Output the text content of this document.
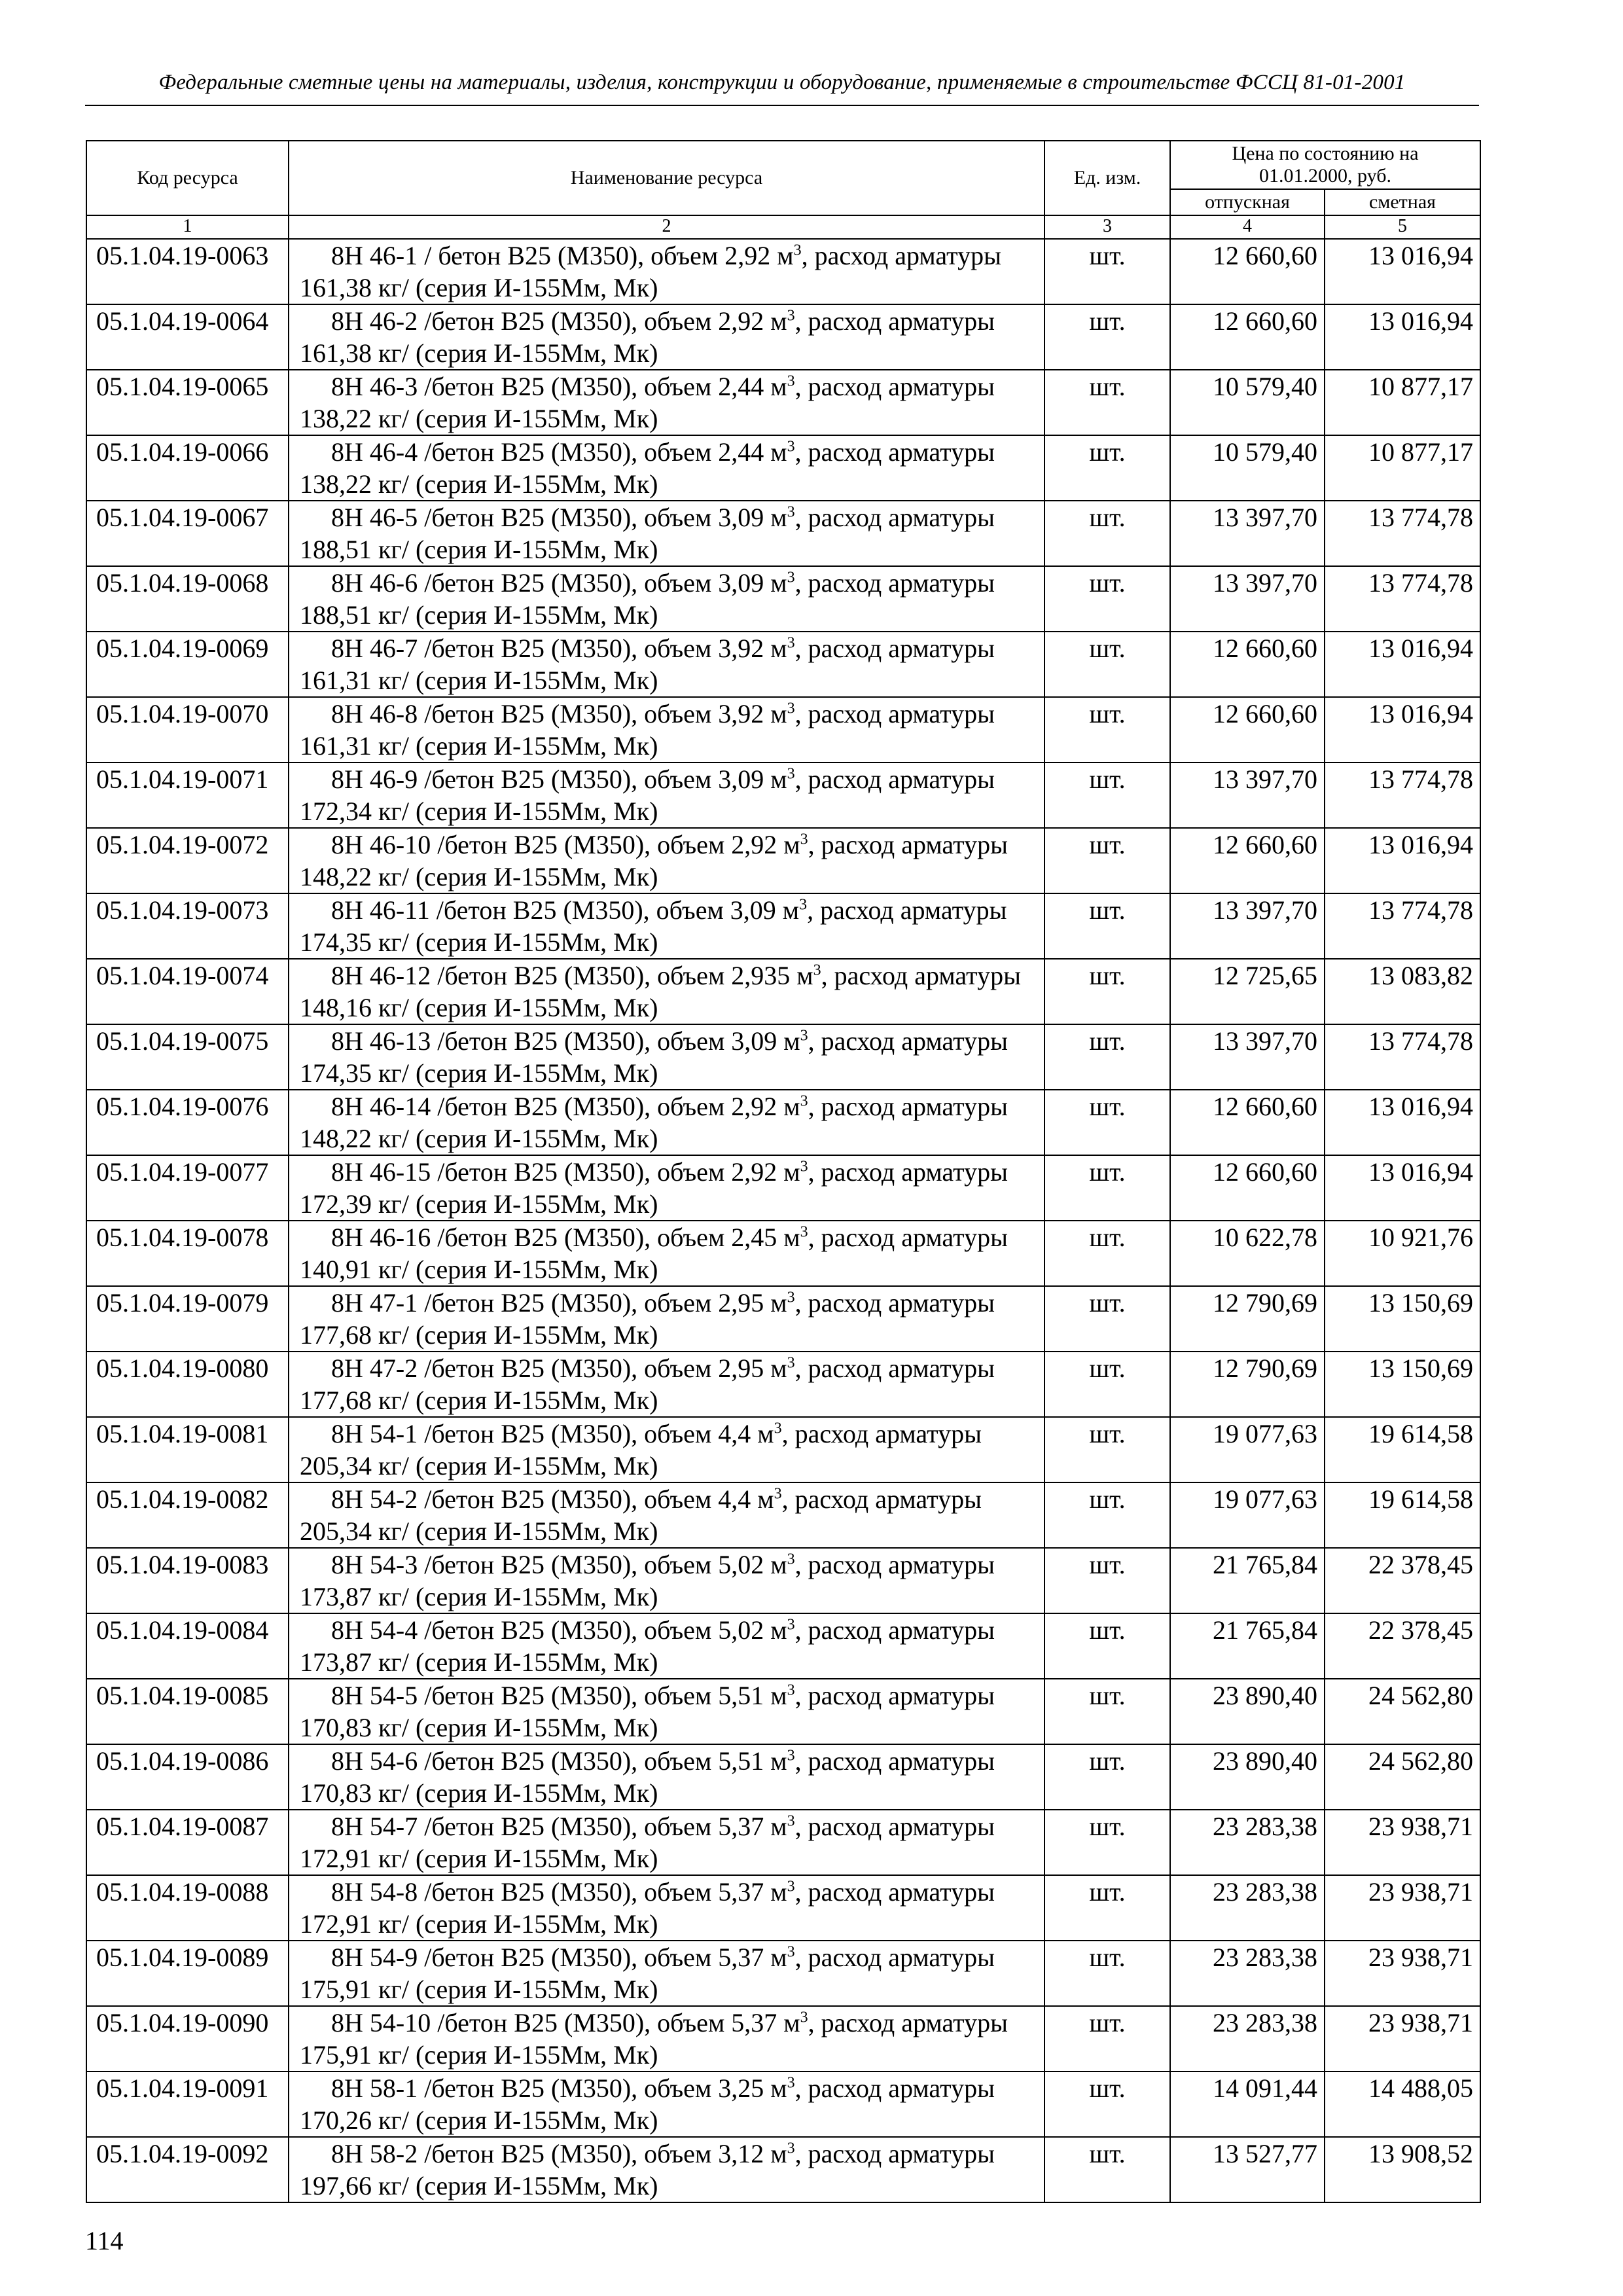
Федеральные сметные цены на материалы, изделия, конструкции и оборудование, применяемые в строительстве ФССЦ 81-01-2001
Код ресурса	Наименование ресурса	Ед. изм.	Цена по состоянию на 01.01.2000, руб.	
			отпускная	сметная
1	2	3	4	5
05.1.04.19-0063	8Н 46-1 / бетон В25 (М350), объем 2,92 $м^3$, расход арматуры 161,38 кг/ (серия И-155Мм, Мк)	шт.	12 660,60	13 016,94
05.1.04.19-0064	8Н 46-2 /бетон В25 (М350), объем 2,92 $м^3$, расход арматуры 161,38 кг/ (серия И-155Мм, Мк)	шт.	12 660,60	13 016,94
05.1.04.19-0065	8Н 46-3 /бетон В25 (М350), объем 2,44 $м^3$, расход арматуры 138,22 кг/ (серия И-155Мм, Мк)	шт.	10 579,40	10 877,17
05.1.04.19-0066	8Н 46-4 /бетон В25 (М350), объем 2,44 $м^3$, расход арматуры 138,22 кг/ (серия И-155Мм, Мк)	шт.	10 579,40	10 877,17
05.1.04.19-0067	8Н 46-5 /бетон В25 (М350), объем 3,09 $м^3$, расход арматуры 188,51 кг/ (серия И-155Мм, Мк)	шт.	13 397,70	13 774,78
05.1.04.19-0068	8Н 46-6 /бетон В25 (М350), объем 3,09 $м^3$, расход арматуры 188,51 кг/ (серия И-155Мм, Мк)	шт.	13 397,70	13 774,78
05.1.04.19-0069	8Н 46-7 /бетон В25 (М350), объем 3,92 $м^3$, расход арматуры 161,31 кг/ (серия И-155Мм, Мк)	шт.	12 660,60	13 016,94
05.1.04.19-0070	8Н 46-8 /бетон В25 (М350), объем 3,92 $м^3$, расход арматуры 161,31 кг/ (серия И-155Мм, Мк)	шт.	12 660,60	13 016,94
05.1.04.19-0071	8Н 46-9 /бетон В25 (М350), объем 3,09 $м^3$, расход арматуры 172,34 кг/ (серия И-155Мм, Мк)	шт.	13 397,70	13 774,78
05.1.04.19-0072	8Н 46-10 /бетон В25 (М350), объем 2,92 $м^3$, расход арматуры 148,22 кг/ (серия И-155Мм, Мк)	шт.	12 660,60	13 016,94
05.1.04.19-0073	8Н 46-11 /бетон В25 (М350), объем 3,09 $м^3$, расход арматуры 174,35 кг/ (серия И-155Мм, Мк)	шт.	13 397,70	13 774,78
05.1.04.19-0074	8Н 46-12 /бетон В25 (М350), объем 2,935 $м^3$, расход арматуры 148,16 кг/ (серия И-155Мм, Мк)	шт.	12 725,65	13 083,82
05.1.04.19-0075	8Н 46-13 /бетон В25 (М350), объем 3,09 $м^3$, расход арматуры 174,35 кг/ (серия И-155Мм, Мк)	шт.	13 397,70	13 774,78
05.1.04.19-0076	8Н 46-14 /бетон В25 (М350), объем 2,92 $м^3$, расход арматуры 148,22 кг/ (серия И-155Мм, Мк)	шт.	12 660,60	13 016,94
05.1.04.19-0077	8Н 46-15 /бетон В25 (М350), объем 2,92 $м^3$, расход арматуры 172,39 кг/ (серия И-155Мм, Мк)	шт.	12 660,60	13 016,94
05.1.04.19-0078	8Н 46-16 /бетон В25 (М350), объем 2,45 $м^3$, расход арматуры 140,91 кг/ (серия И-155Мм, Мк)	шт.	10 622,78	10 921,76
05.1.04.19-0079	8Н 47-1 /бетон В25 (М350), объем 2,95 $м^3$, расход арматуры 177,68 кг/ (серия И-155Мм, Мк)	шт.	12 790,69	13 150,69
05.1.04.19-0080	8Н 47-2 /бетон В25 (М350), объем 2,95 $м^3$, расход арматуры 177,68 кг/ (серия И-155Мм, Мк)	шт.	12 790,69	13 150,69
05.1.04.19-0081	8Н 54-1 /бетон В25 (М350), объем 4,4 $м^3$, расход арматуры 205,34 кг/ (серия И-155Мм, Мк)	шт.	19 077,63	19 614,58
05.1.04.19-0082	8Н 54-2 /бетон В25 (М350), объем 4,4 $м^3$, расход арматуры 205,34 кг/ (серия И-155Мм, Мк)	шт.	19 077,63	19 614,58
05.1.04.19-0083	8Н 54-3 /бетон В25 (М350), объем 5,02 $м^3$, расход арматуры 173,87 кг/ (серия И-155Мм, Мк)	шт.	21 765,84	22 378,45
05.1.04.19-0084	8Н 54-4 /бетон В25 (М350), объем 5,02 $м^3$, расход арматуры 173,87 кг/ (серия И-155Мм, Мк)	шт.	21 765,84	22 378,45
05.1.04.19-0085	8Н 54-5 /бетон В25 (М350), объем 5,51 $м^3$, расход арматуры 170,83 кг/ (серия И-155Мм, Мк)	шт.	23 890,40	24 562,80
05.1.04.19-0086	8Н 54-6 /бетон В25 (М350), объем 5,51 $м^3$, расход арматуры 170,83 кг/ (серия И-155Мм, Мк)	шт.	23 890,40	24 562,80
05.1.04.19-0087	8Н 54-7 /бетон В25 (М350), объем 5,37 $м^3$, расход арматуры 172,91 кг/ (серия И-155Мм, Мк)	шт.	23 283,38	23 938,71
05.1.04.19-0088	8Н 54-8 /бетон В25 (М350), объем 5,37 $м^3$, расход арматуры 172,91 кг/ (серия И-155Мм, Мк)	шт.	23 283,38	23 938,71
05.1.04.19-0089	8Н 54-9 /бетон В25 (М350), объем 5,37 $м^3$, расход арматуры 175,91 кг/ (серия И-155Мм, Мк)	шт.	23 283,38	23 938,71
05.1.04.19-0090	8Н 54-10 /бетон В25 (М350), объем 5,37 $м^3$, расход арматуры 175,91 кг/ (серия И-155Мм, Мк)	шт.	23 283,38	23 938,71
05.1.04.19-0091	8Н 58-1 /бетон В25 (М350), объем 3,25 $м^3$, расход арматуры 170,26 кг/ (серия И-155Мм, Мк)	шт.	14 091,44	14 488,05
05.1.04.19-0092	8Н 58-2 /бетон В25 (М350), объем 3,12 $м^3$, расход арматуры 197,66 кг/ (серия И-155Мм, Мк)	шт.	13 527,77	13 908,52
114
